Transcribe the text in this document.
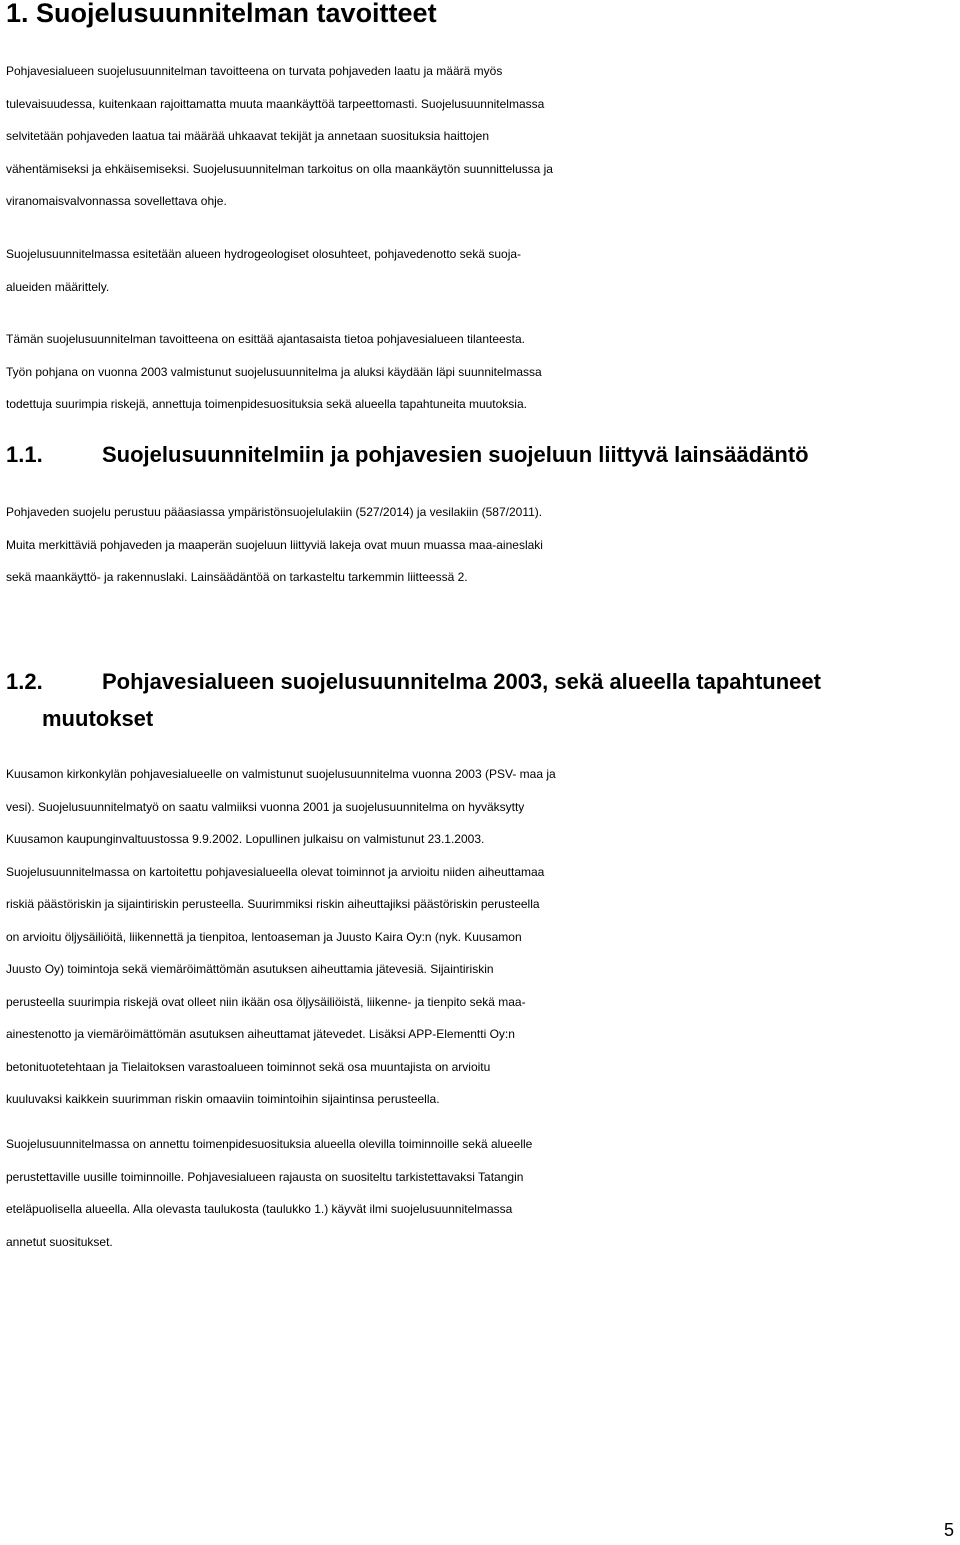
1. Suojelusuunnitelman tavoitteet
Pohjavesialueen suojelusuunnitelman tavoitteena on turvata pohjaveden laatu ja määrä myös
tulevaisuudessa, kuitenkaan rajoittamatta muuta maankäyttöä tarpeettomasti. Suojelusuunnitelmassa
selvitetään pohjaveden laatua tai määrää uhkaavat tekijät ja annetaan suosituksia haittojen
vähentämiseksi ja ehkäisemiseksi. Suojelusuunnitelman tarkoitus on olla maankäytön suunnittelussa ja
viranomaisvalvonnassa sovellettava ohje.
Suojelusuunnitelmassa esitetään alueen hydrogeologiset olosuhteet, pohjavedenotto sekä suoja-
alueiden määrittely.
Tämän suojelusuunnitelman tavoitteena on esittää ajantasaista tietoa pohjavesialueen tilanteesta.
Työn pohjana on vuonna 2003 valmistunut suojelusuunnitelma ja aluksi käydään läpi suunnitelmassa
todettuja suurimpia riskejä, annettuja toimenpidesuosituksia sekä alueella tapahtuneita muutoksia.
1.1.	Suojelusuunnitelmiin ja pohjavesien suojeluun liittyvä lainsäädäntö
Pohjaveden suojelu perustuu pääasiassa ympäristönsuojelulakiin (527/2014) ja vesilakiin (587/2011).
Muita merkittäviä pohjaveden ja maaperän suojeluun liittyviä lakeja ovat muun muassa maa-aineslaki
sekä maankäyttö- ja rakennuslaki. Lainsäädäntöä on tarkasteltu tarkemmin liitteessä 2.
1.2.	Pohjavesialueen suojelusuunnitelma 2003, sekä alueella tapahtuneet
muutokset
Kuusamon kirkonkylän pohjavesialueelle on valmistunut suojelusuunnitelma vuonna 2003 (PSV- maa ja
vesi). Suojelusuunnitelmatyö on saatu valmiiksi vuonna 2001 ja suojelusuunnitelma on hyväksytty
Kuusamon kaupunginvaltuustossa 9.9.2002. Lopullinen julkaisu on valmistunut 23.1.2003.
Suojelusuunnitelmassa on kartoitettu pohjavesialueella olevat toiminnot ja arvioitu niiden aiheuttamaa
riskiä päästöriskin ja sijaintiriskin perusteella. Suurimmiksi riskin aiheuttajiksi päästöriskin perusteella
on arvioitu öljysäiliöitä, liikennettä ja tienpitoa, lentoaseman ja Juusto Kaira Oy:n (nyk. Kuusamon
Juusto Oy) toimintoja sekä viemäröimättömän asutuksen aiheuttamia jätevesiä. Sijaintiriskin
perusteella suurimpia riskejä ovat olleet niin ikään osa öljysäiliöistä, liikenne- ja tienpito sekä maa-
ainestenotto ja viemäröimättömän asutuksen aiheuttamat jätevedet. Lisäksi APP-Elementti Oy:n
betonituotetehtaan ja Tielaitoksen varastoalueen toiminnot sekä osa muuntajista on arvioitu
kuuluvaksi kaikkein suurimman riskin omaaviin toimintoihin sijaintinsa perusteella.
Suojelusuunnitelmassa on annettu toimenpidesuosituksia alueella olevilla toiminnoille sekä alueelle
perustettaville uusille toiminnoille. Pohjavesialueen rajausta on suositeltu tarkistettavaksi Tatangin
eteläpuolisella alueella. Alla olevasta taulukosta (taulukko 1.) käyvät ilmi suojelusuunnitelmassa
annetut suositukset.
5
